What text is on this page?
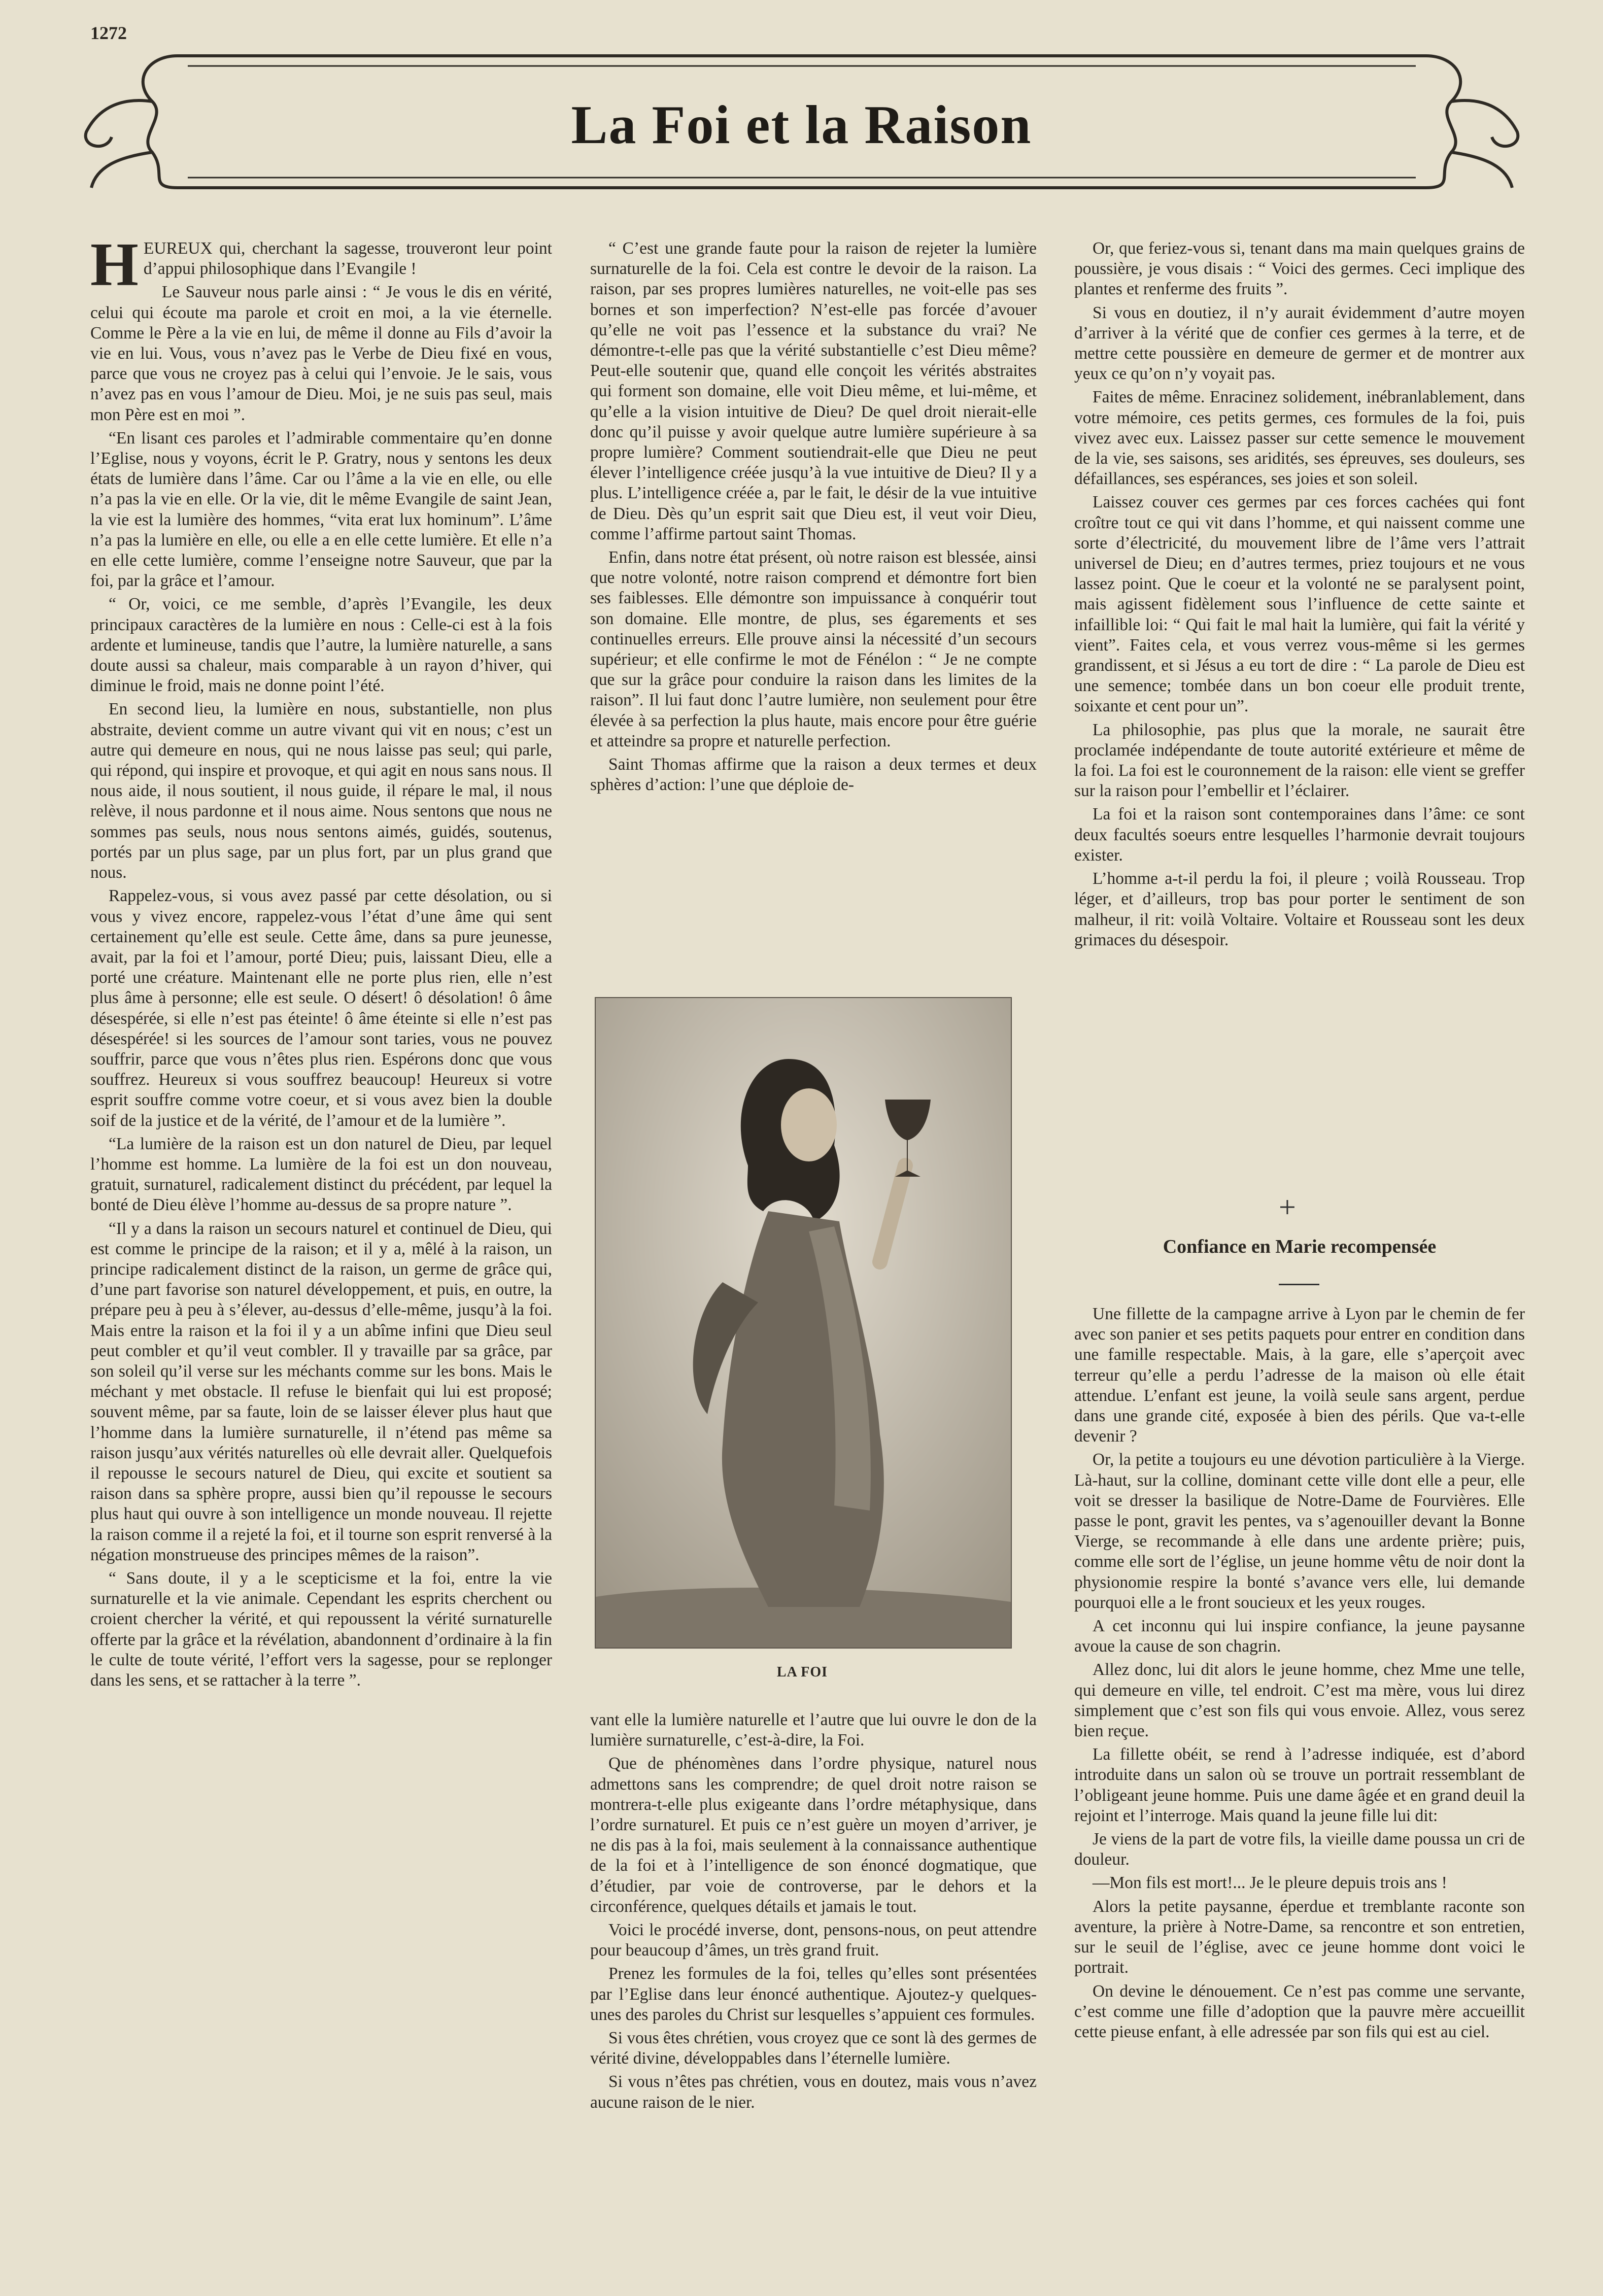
1272
La Foi et la Raison

HEUREUX qui, cherchant la sagesse, trouveront leur point d’appui philosophique dans l’Evangile !

Le Sauveur nous parle ainsi : “ Je vous le dis en vérité, celui qui écoute ma parole et croit en moi, a la vie éternelle. Comme le Père a la vie en lui, de même il donne au Fils d’avoir la vie en lui. Vous, vous n’avez pas le Verbe de Dieu fixé en vous, parce que vous ne croyez pas à celui qui l’envoie. Je le sais, vous n’avez pas en vous l’amour de Dieu. Moi, je ne suis pas seul, mais mon Père est en moi ”.

“En lisant ces paroles et l’admirable commentaire qu’en donne l’Eglise, nous y voyons, écrit le P. Gratry, nous y sentons les deux états de lumière dans l’âme. Car ou l’âme a la vie en elle, ou elle n’a pas la vie en elle. Or la vie, dit le même Evangile de saint Jean, la vie est la lumière des hommes, “vita erat lux hominum”. L’âme n’a pas la lumière en elle, ou elle a en elle cette lumière. Et elle n’a en elle cette lumière, comme l’enseigne notre Sauveur, que par la foi, par la grâce et l’amour.

“ Or, voici, ce me semble, d’après l’Evangile, les deux principaux caractères de la lumière en nous : Celle-ci est à la fois ardente et lumineuse, tandis que l’autre, la lumière naturelle, a sans doute aussi sa chaleur, mais comparable à un rayon d’hiver, qui diminue le froid, mais ne donne point l’été.

En second lieu, la lumière en nous, substantielle, non plus abstraite, devient comme un autre vivant qui vit en nous; c’est un autre qui demeure en nous, qui ne nous laisse pas seul; qui parle, qui répond, qui inspire et provoque, et qui agit en nous sans nous. Il nous aide, il nous soutient, il nous guide, il répare le mal, il nous relève, il nous pardonne et il nous aime. Nous sentons que nous ne sommes pas seuls, nous nous sentons aimés, guidés, soutenus, portés par un plus sage, par un plus fort, par un plus grand que nous.

Rappelez-vous, si vous avez passé par cette désolation, ou si vous y vivez encore, rappelez-vous l’état d’une âme qui sent certainement qu’elle est seule. Cette âme, dans sa pure jeunesse, avait, par la foi et l’amour, porté Dieu; puis, laissant Dieu, elle a porté une créature. Maintenant elle ne porte plus rien, elle n’est plus âme à personne; elle est seule. O désert! ô désolation! ô âme désespérée, si elle n’est pas éteinte! ô âme éteinte si elle n’est pas désespérée! si les sources de l’amour sont taries, vous ne pouvez souffrir, parce que vous n’êtes plus rien. Espérons donc que vous souffrez. Heureux si vous souffrez beaucoup! Heureux si votre esprit souffre comme votre coeur, et si vous avez bien la double soif de la justice et de la vérité, de l’amour et de la lumière ”.

“La lumière de la raison est un don naturel de Dieu, par lequel l’homme est homme. La lumière de la foi est un don nouveau, gratuit, surnaturel, radicalement distinct du précédent, par lequel la bonté de Dieu élève l’homme au-dessus de sa propre nature ”.

“Il y a dans la raison un secours naturel et continuel de Dieu, qui est comme le principe de la raison; et il y a, mêlé à la raison, un principe radicalement distinct de la raison, un germe de grâce qui, d’une part favorise son naturel développement, et puis, en outre, la prépare peu à peu à s’élever, au-dessus d’elle-même, jusqu’à la foi. Mais entre la raison et la foi il y a un abîme infini que Dieu seul peut combler et qu’il veut combler. Il y travaille par sa grâce, par son soleil qu’il verse sur les méchants comme sur les bons. Mais le méchant y met obstacle. Il refuse le bienfait qui lui est proposé; souvent même, par sa faute, loin de se laisser élever plus haut que l’homme dans la lumière surnaturelle, il n’étend pas même sa raison jusqu’aux vérités naturelles où elle devrait aller. Quelquefois il repousse le secours naturel de Dieu, qui excite et soutient sa raison dans sa sphère propre, aussi bien qu’il repousse le secours plus haut qui ouvre à son intelligence un monde nouveau. Il rejette la raison comme il a rejeté la foi, et il tourne son esprit renversé à la négation monstrueuse des principes mêmes de la raison”.

“ Sans doute, il y a le scepticisme et la foi, entre la vie surnaturelle et la vie animale. Cependant les esprits cherchent ou croient chercher la vérité, et qui repoussent la vérité surnaturelle offerte par la grâce et la révélation, abandonnent d’ordinaire à la fin le culte de toute vérité, l’effort vers la sagesse, pour se replonger dans les sens, et se rattacher à la terre ”.

“ C’est une grande faute pour la raison de rejeter la lumière surnaturelle de la foi. Cela est contre le devoir de la raison. La raison, par ses propres lumières naturelles, ne voit-elle pas ses bornes et son imperfection? N’est-elle pas forcée d’avouer qu’elle ne voit pas l’essence et la substance du vrai? Ne démontre-t-elle pas que la vérité substantielle c’est Dieu même? Peut-elle soutenir que, quand elle conçoit les vérités abstraites qui forment son domaine, elle voit Dieu même, et lui-même, et qu’elle a la vision intuitive de Dieu? De quel droit nierait-elle donc qu’il puisse y avoir quelque autre lumière supérieure à sa propre lumière? Comment soutiendrait-elle que Dieu ne peut élever l’intelligence créée jusqu’à la vue intuitive de Dieu? Il y a plus. L’intelligence créée a, par le fait, le désir de la vue intuitive de Dieu. Dès qu’un esprit sait que Dieu est, il veut voir Dieu, comme l’affirme partout saint Thomas.

Enfin, dans notre état présent, où notre raison est blessée, ainsi que notre volonté, notre raison comprend et démontre fort bien ses faiblesses. Elle démontre son impuissance à conquérir tout son domaine. Elle montre, de plus, ses égarements et ses continuelles erreurs. Elle prouve ainsi la nécessité d’un secours supérieur; et elle confirme le mot de Fénélon : “ Je ne compte que sur la grâce pour conduire la raison dans les limites de la raison”. Il lui faut donc l’autre lumière, non seulement pour être élevée à sa perfection la plus haute, mais encore pour être guérie et atteindre sa propre et naturelle perfection.

Saint Thomas affirme que la raison a deux termes et deux sphères d’action: l’une que déploie de-

LA FOI

vant elle la lumière naturelle et l’autre que lui ouvre le don de la lumière surnaturelle, c’est-à-dire, la Foi.

Que de phénomènes dans l’ordre physique, naturel nous admettons sans les comprendre; de quel droit notre raison se montrera-t-elle plus exigeante dans l’ordre métaphysique, dans l’ordre surnaturel. Et puis ce n’est guère un moyen d’arriver, je ne dis pas à la foi, mais seulement à la connaissance authentique de la foi et à l’intelligence de son énoncé dogmatique, que d’étudier, par voie de controverse, par le dehors et la circonférence, quelques détails et jamais le tout.

Voici le procédé inverse, dont, pensons-nous, on peut attendre pour beaucoup d’âmes, un très grand fruit.

Prenez les formules de la foi, telles qu’elles sont présentées par l’Eglise dans leur énoncé authentique. Ajoutez-y quelques-unes des paroles du Christ sur lesquelles s’appuient ces formules.

Si vous êtes chrétien, vous croyez que ce sont là des germes de vérité divine, développables dans l’éternelle lumière.

Si vous n’êtes pas chrétien, vous en doutez, mais vous n’avez aucune raison de le nier.

Or, que feriez-vous si, tenant dans ma main quelques grains de poussière, je vous disais : “ Voici des germes. Ceci implique des plantes et renferme des fruits ”.

Si vous en doutiez, il n’y aurait évidemment d’autre moyen d’arriver à la vérité que de confier ces germes à la terre, et de mettre cette poussière en demeure de germer et de montrer aux yeux ce qu’on n’y voyait pas.

Faites de même. Enracinez solidement, inébranlablement, dans votre mémoire, ces petits germes, ces formules de la foi, puis vivez avec eux. Laissez passer sur cette semence le mouvement de la vie, ses saisons, ses aridités, ses épreuves, ses douleurs, ses défaillances, ses espérances, ses joies et son soleil.

Laissez couver ces germes par ces forces cachées qui font croître tout ce qui vit dans l’homme, et qui naissent comme une sorte d’électricité, du mouvement libre de l’âme vers l’attrait universel de Dieu; en d’autres termes, priez toujours et ne vous lassez point. Que le coeur et la volonté ne se paralysent point, mais agissent fidèlement sous l’influence de cette sainte et infaillible loi: “ Qui fait le mal hait la lumière, qui fait la vérité y vient”. Faites cela, et vous verrez vous-même si les germes grandissent, et si Jésus a eu tort de dire : “ La parole de Dieu est une semence; tombée dans un bon coeur elle produit trente, soixante et cent pour un”.

La philosophie, pas plus que la morale, ne saurait être proclamée indépendante de toute autorité extérieure et même de la foi. La foi est le couronnement de la raison: elle vient se greffer sur la raison pour l’embellir et l’éclairer.

La foi et la raison sont contemporaines dans l’âme: ce sont deux facultés soeurs entre lesquelles l’harmonie devrait toujours exister.

L’homme a-t-il perdu la foi, il pleure ; voilà Rousseau. Trop léger, et d’ailleurs, trop bas pour porter le sentiment de son malheur, il rit: voilà Voltaire. Voltaire et Rousseau sont les deux grimaces du désespoir.

+
Confiance en Marie recompensée

Une fillette de la campagne arrive à Lyon par le chemin de fer avec son panier et ses petits paquets pour entrer en condition dans une famille respectable. Mais, à la gare, elle s’aperçoit avec terreur qu’elle a perdu l’adresse de la maison où elle était attendue. L’enfant est jeune, la voilà seule sans argent, perdue dans une grande cité, exposée à bien des périls. Que va-t-elle devenir ?

Or, la petite a toujours eu une dévotion particulière à la Vierge. Là-haut, sur la colline, dominant cette ville dont elle a peur, elle voit se dresser la basilique de Notre-Dame de Fourvières. Elle passe le pont, gravit les pentes, va s’agenouiller devant la Bonne Vierge, se recommande à elle dans une ardente prière; puis, comme elle sort de l’église, un jeune homme vêtu de noir dont la physionomie respire la bonté s’avance vers elle, lui demande pourquoi elle a le front soucieux et les yeux rouges.

A cet inconnu qui lui inspire confiance, la jeune paysanne avoue la cause de son chagrin.

Allez donc, lui dit alors le jeune homme, chez Mme une telle, qui demeure en ville, tel endroit. C’est ma mère, vous lui direz simplement que c’est son fils qui vous envoie. Allez, vous serez bien reçue.

La fillette obéit, se rend à l’adresse indiquée, est d’abord introduite dans un salon où se trouve un portrait ressemblant de l’obligeant jeune homme. Puis une dame âgée et en grand deuil la rejoint et l’interroge. Mais quand la jeune fille lui dit:

Je viens de la part de votre fils, la vieille dame poussa un cri de douleur.

—Mon fils est mort!... Je le pleure depuis trois ans !

Alors la petite paysanne, éperdue et tremblante raconte son aventure, la prière à Notre-Dame, sa rencontre et son entretien, sur le seuil de l’église, avec ce jeune homme dont voici le portrait.

On devine le dénouement. Ce n’est pas comme une servante, c’est comme une fille d’adoption que la pauvre mère accueillit cette pieuse enfant, à elle adressée par son fils qui est au ciel.
